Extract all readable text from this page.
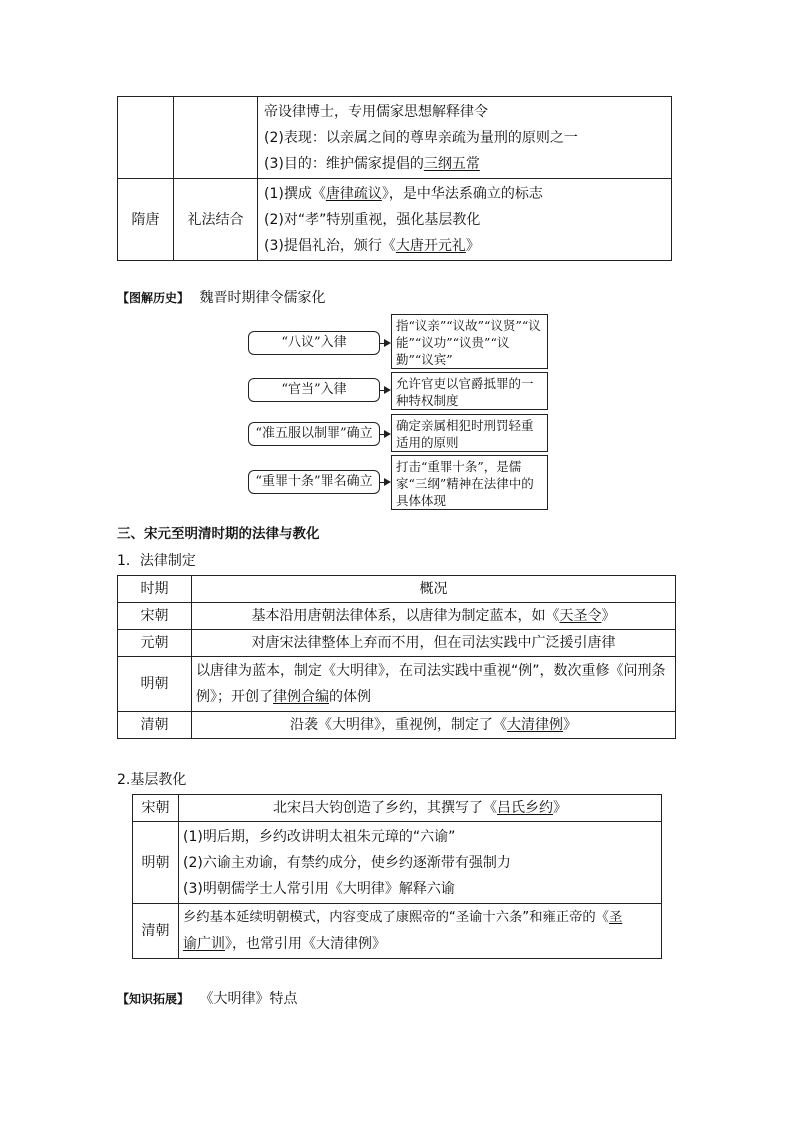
		帝设律博士，专用儒家思想解释律令
(2)表现：以亲属之间的尊卑亲疏为量刑的原则之一
(3)目的：维护儒家提倡的三纲五常

隋唐	礼法结合	(1)撰成《唐律疏议》，是中华法系确立的标志
(2)对“孝”特别重视，强化基层教化
(3)提倡礼治，颁行《大唐开元礼》
【图解历史】 魏晋时期律令儒家化
“八议”入律
指“议亲”“议故”“议贤”“议能”“议功”“议贵”“议勤”“议宾”
“官当”入律	允许官吏以官爵抵罪的一种特权制度
“准五服以制罪”确立
确定亲属相犯时刑罚轻重适用的原则
“重罪十条”罪名确立
打击“重罪十条”，是儒家“三纲”精神在法律中的具体体现
三、宋元至明清时期的法律与教化
1．法律制定
时期	概况
宋朝	基本沿用唐朝法律体系，以唐律为制定蓝本，如《天圣令》
元朝	对唐宋法律整体上弃而不用，但在司法实践中广泛援引唐律
明朝	以唐律为蓝本，制定《大明律》，在司法实践中重视“例”，数次重修《问刑条
例》；开创了律例合编的体例

清朝	沿袭《大明律》，重视例，制定了《大清律例》
2.基层教化
宋朝	北宋吕大钧创造了乡约，其撰写了《吕氏乡约》
明朝	(1)明后期，乡约改讲明太祖朱元璋的“六谕”
(2)六谕主劝谕，有禁约成分，使乡约逐渐带有强制力
(3)明朝儒学士人常引用《大明律》解释六谕

清朝	乡约基本延续明朝模式，内容变成了康熙帝的“圣谕十六条”和雍正帝的《圣
谕广训》，也常引用《大清律例》
【知识拓展】 《大明律》特点
